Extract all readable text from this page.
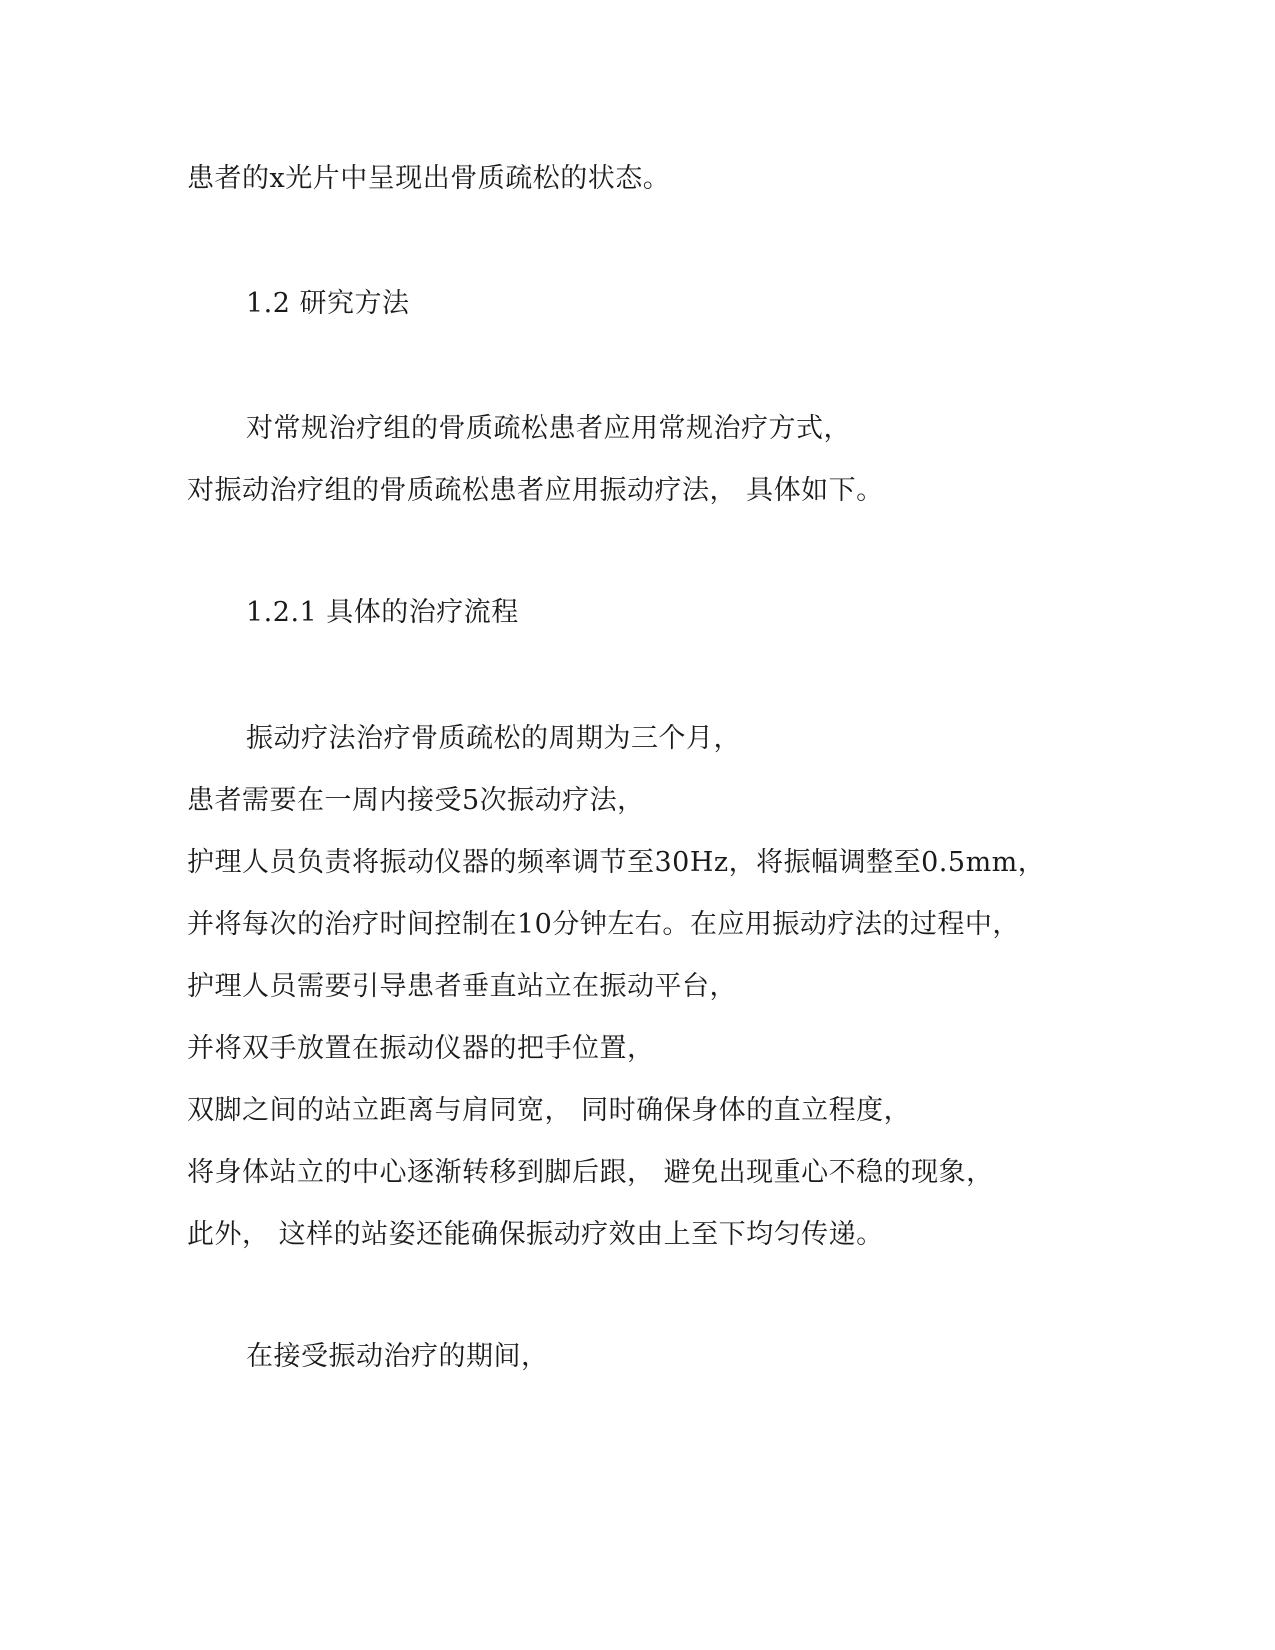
患者的x光片中呈现出骨质疏松的状态。
1.2 研究方法
对常规治疗组的骨质疏松患者应用常规治疗方式，
对振动治疗组的骨质疏松患者应用振动疗法， 具体如下。
1.2.1 具体的治疗流程
振动疗法治疗骨质疏松的周期为三个月，
患者需要在一周内接受5次振动疗法，
护理人员负责将振动仪器的频率调节至30Hz，将振幅调整至0.5mm，
并将每次的治疗时间控制在10分钟左右。在应用振动疗法的过程中，
护理人员需要引导患者垂直站立在振动平台，
并将双手放置在振动仪器的把手位置，
双脚之间的站立距离与肩同宽， 同时确保身体的直立程度，
将身体站立的中心逐渐转移到脚后跟， 避免出现重心不稳的现象，
此外， 这样的站姿还能确保振动疗效由上至下均匀传递。
在接受振动治疗的期间，
